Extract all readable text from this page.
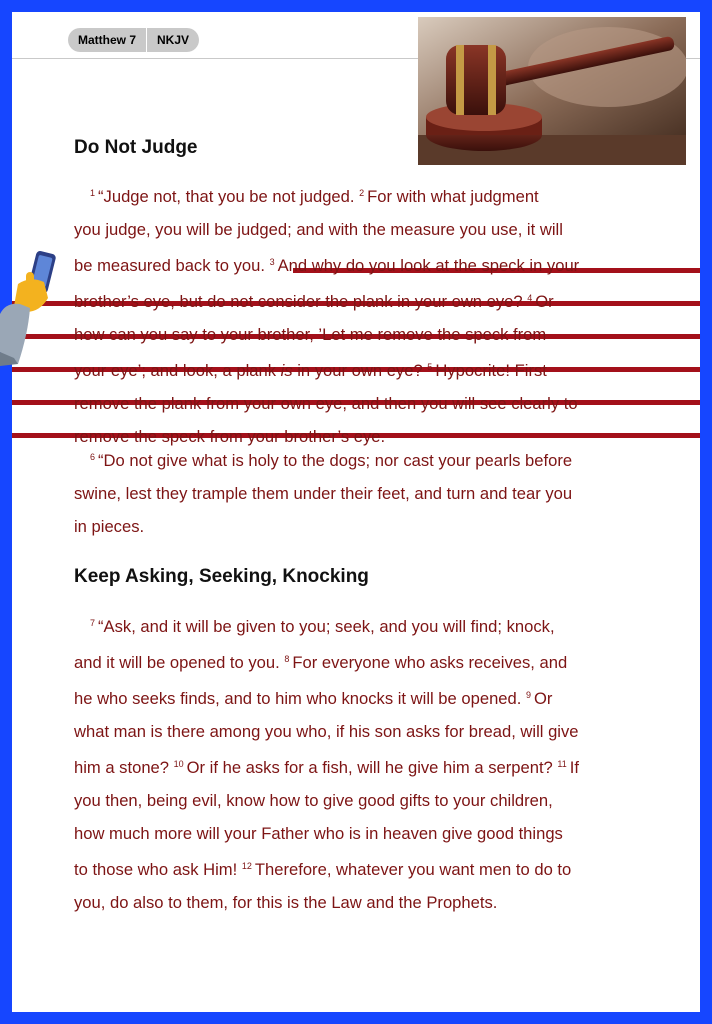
Matthew 7	NKJV
Do Not Judge
$^1$ “Judge not, that you be not judged. $^2$ For with what judgment
you judge, you will be judged; and with the measure you use, it will
be measured back to you. $^3$ And why do you look at the speck in your
brother’s eye, but do not consider the plank in your own eye? $^4$ Or
how can you say to your brother, ’Let me remove the speck from
your eye’; and look, a plank is in your own eye? $^5$ Hypocrite! First
remove the plank from your own eye, and then you will see clearly to
remove the speck from your brother’s eye.
$^6$ “Do not give what is holy to the dogs; nor cast your pearls before
swine, lest they trample them under their feet, and turn and tear you
in pieces.
Keep Asking, Seeking, Knocking
$^7$ “Ask, and it will be given to you; seek, and you will find; knock,
and it will be opened to you. $^8$ For everyone who asks receives, and
he who seeks finds, and to him who knocks it will be opened. $^9$ Or
what man is there among you who, if his son asks for bread, will give
him a stone? $^{10}$ Or if he asks for a fish, will he give him a serpent? $^{11}$ If
you then, being evil, know how to give good gifts to your children,
how much more will your Father who is in heaven give good things
to those who ask Him! $^{12}$ Therefore, whatever you want men to do to
you, do also to them, for this is the Law and the Prophets.
